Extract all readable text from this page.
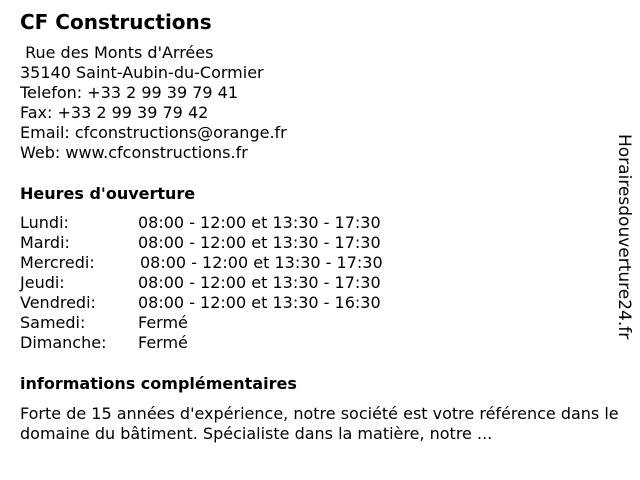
CF Constructions
Rue des Monts d'Arrées
35140 Saint-Aubin-du-Cormier
Telefon: +33 2 99 39 79 41
Fax: +33 2 99 39 79 42
Email: cfconstructions@orange.fr
Web: www.cfconstructions.fr
Heures d'ouverture
Lundi:	08:00 - 12:00 et 13:30 - 17:30
Mardi:	08:00 - 12:00 et 13:30 - 17:30
Mercredi:	08:00 - 12:00 et 13:30 - 17:30
Jeudi:	08:00 - 12:00 et 13:30 - 17:30
Vendredi:	08:00 - 12:00 et 13:30 - 16:30
Samedi:	Fermé
Dimanche: Fermé
informations complémentaires
Forte de 15 années d'expérience, notre société est votre référence dans le domaine du bâtiment. Spécialiste dans la matière, notre ...
Horairesdouverture24.fr
